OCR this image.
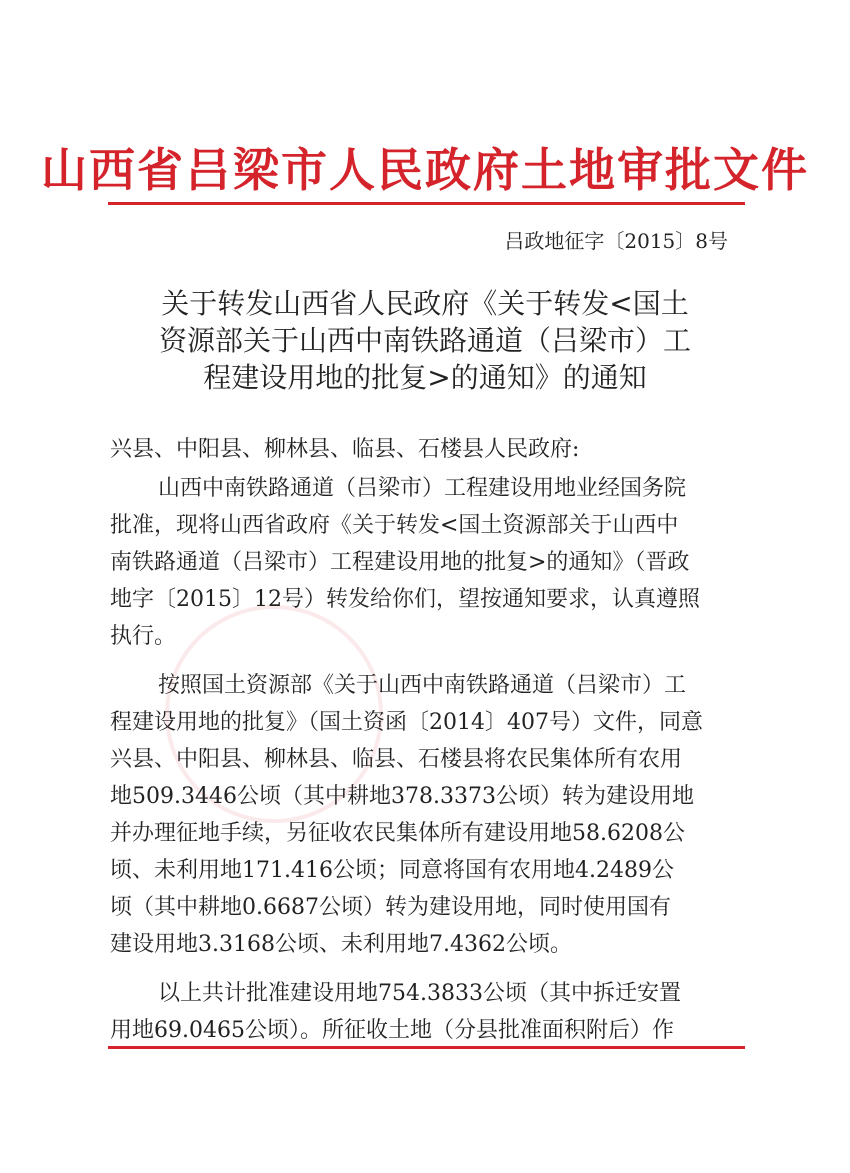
山西省吕梁市人民政府土地审批文件
吕政地征字〔2015〕8号
关于转发山西省人民政府《关于转发<国土
资源部关于山西中南铁路通道（吕梁市）工
程建设用地的批复>的通知》的通知
兴县、中阳县、柳林县、临县、石楼县人民政府:
山西中南铁路通道（吕梁市）工程建设用地业经国务院
批准，现将山西省政府《关于转发<国土资源部关于山西中
南铁路通道（吕梁市）工程建设用地的批复>的通知》（晋政
地字〔2015〕12号）转发给你们，望按通知要求，认真遵照
执行。
按照国土资源部《关于山西中南铁路通道（吕梁市）工
程建设用地的批复》（国土资函〔2014〕407号）文件，同意
兴县、中阳县、柳林县、临县、石楼县将农民集体所有农用
地509.3446公顷（其中耕地378.3373公顷）转为建设用地
并办理征地手续，另征收农民集体所有建设用地58.6208公
顷、未利用地171.416公顷；同意将国有农用地4.2489公
顷（其中耕地0.6687公顷）转为建设用地，同时使用国有
建设用地3.3168公顷、未利用地7.4362公顷。
以上共计批准建设用地754.3833公顷（其中拆迁安置
用地69.0465公顷）。所征收土地（分县批准面积附后）作
